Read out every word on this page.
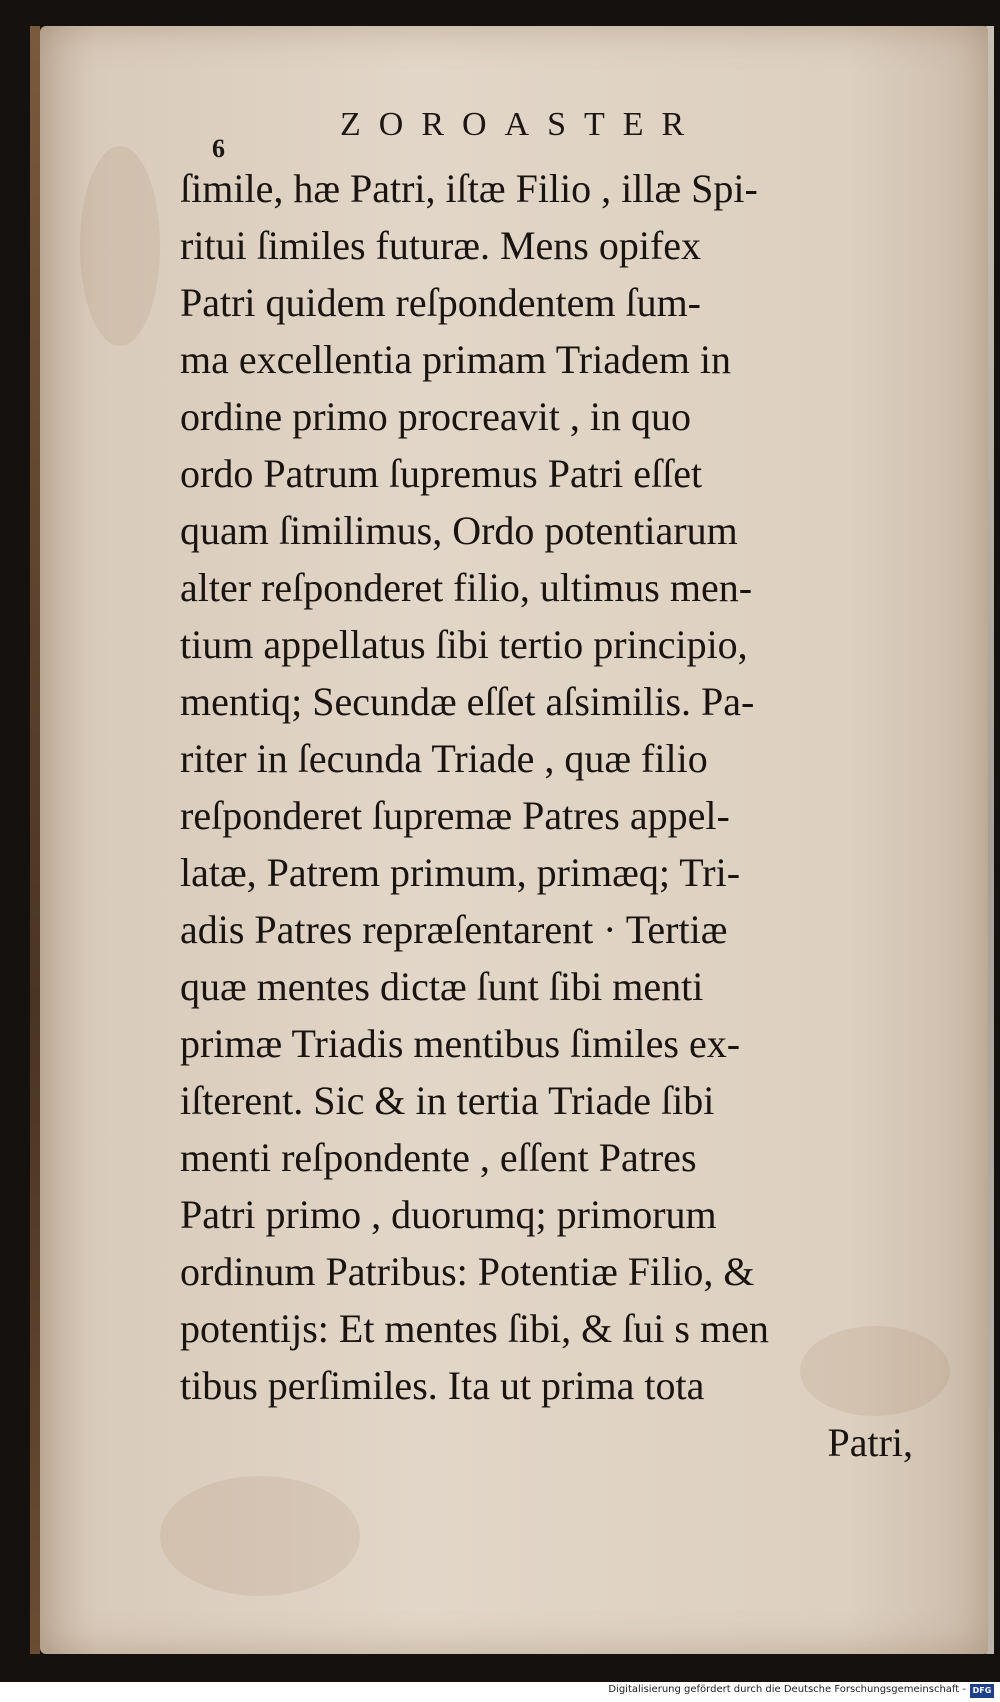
6
ZOROASTER
ſimile, hæ Patri, iſtæ Filio , illæ Spi-
ritui ſimiles futuræ. Mens opifex
Patri quidem reſpondentem ſum-
ma excellentia primam Triadem in
ordine primo procreavit , in quo
ordo Patrum ſupremus Patri eſſet
quam ſimilimus, Ordo potentiarum
alter reſponderet filio, ultimus men-
tium appellatus ſibi tertio principio,
mentiq; Secundæ eſſet aſsimilis. Pa-
riter in ſecunda Triade , quæ filio
reſponderet ſupremæ Patres appel-
latæ, Patrem primum, primæq; Tri-
adis Patres repræſentarent · Tertiæ
quæ mentes dictæ ſunt ſibi menti
primæ Triadis mentibus ſimiles ex-
iſterent. Sic & in tertia Triade ſibi
menti reſpondente , eſſent Patres
Patri primo , duorumq; primorum
ordinum Patribus: Potentiæ Filio, &
potentijs: Et mentes ſibi, & ſui s men
tibus perſimiles. Ita ut prima tota
Patri,
Digitalisierung gefördert durch die Deutsche Forschungsgemeinschaft - DFG
